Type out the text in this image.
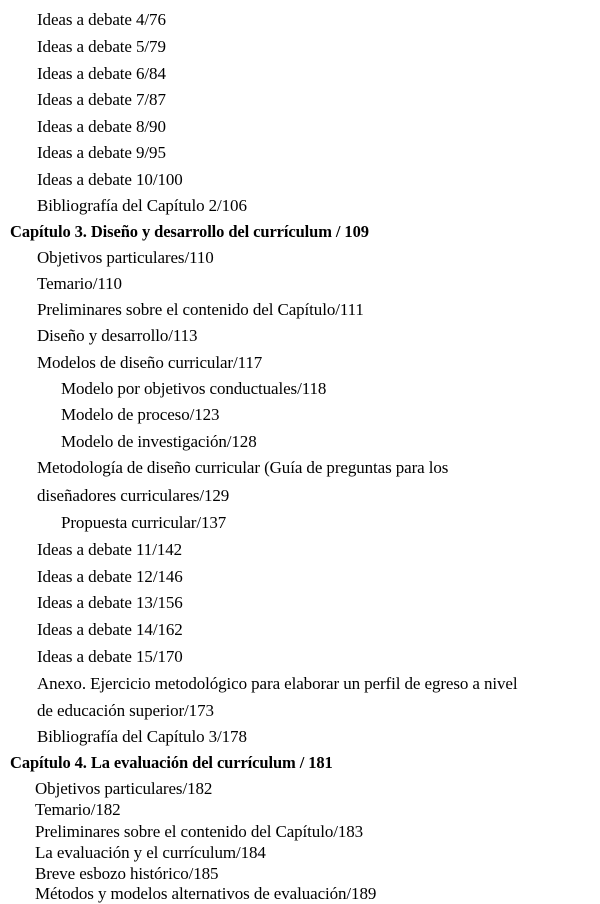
Ideas a debate 4/76
Ideas a debate 5/79
Ideas a debate 6/84
Ideas a debate 7/87
Ideas a debate 8/90
Ideas a debate 9/95
Ideas a debate 10/100
Bibliografía del Capítulo 2/106
Capítulo 3. Diseño y desarrollo del currículum / 109
Objetivos particulares/110
Temario/110
Preliminares sobre el contenido del Capítulo/111
Diseño y desarrollo/113
Modelos de diseño curricular/117
Modelo por objetivos conductuales/118
Modelo de proceso/123
Modelo de investigación/128
Metodología de diseño curricular (Guía de preguntas para los
diseñadores curriculares/129
Propuesta curricular/137
Ideas a debate 11/142
Ideas a debate 12/146
Ideas a debate 13/156
Ideas a debate 14/162
Ideas a debate 15/170
Anexo. Ejercicio metodológico para elaborar un perfil de egreso a nivel
de educación superior/173
Bibliografía del Capítulo 3/178
Capítulo 4. La evaluación del currículum / 181
Objetivos particulares/182
Temario/182
Preliminares sobre el contenido del Capítulo/183
La evaluación y el currículum/184
Breve esbozo histórico/185
Métodos y modelos alternativos de evaluación/189
